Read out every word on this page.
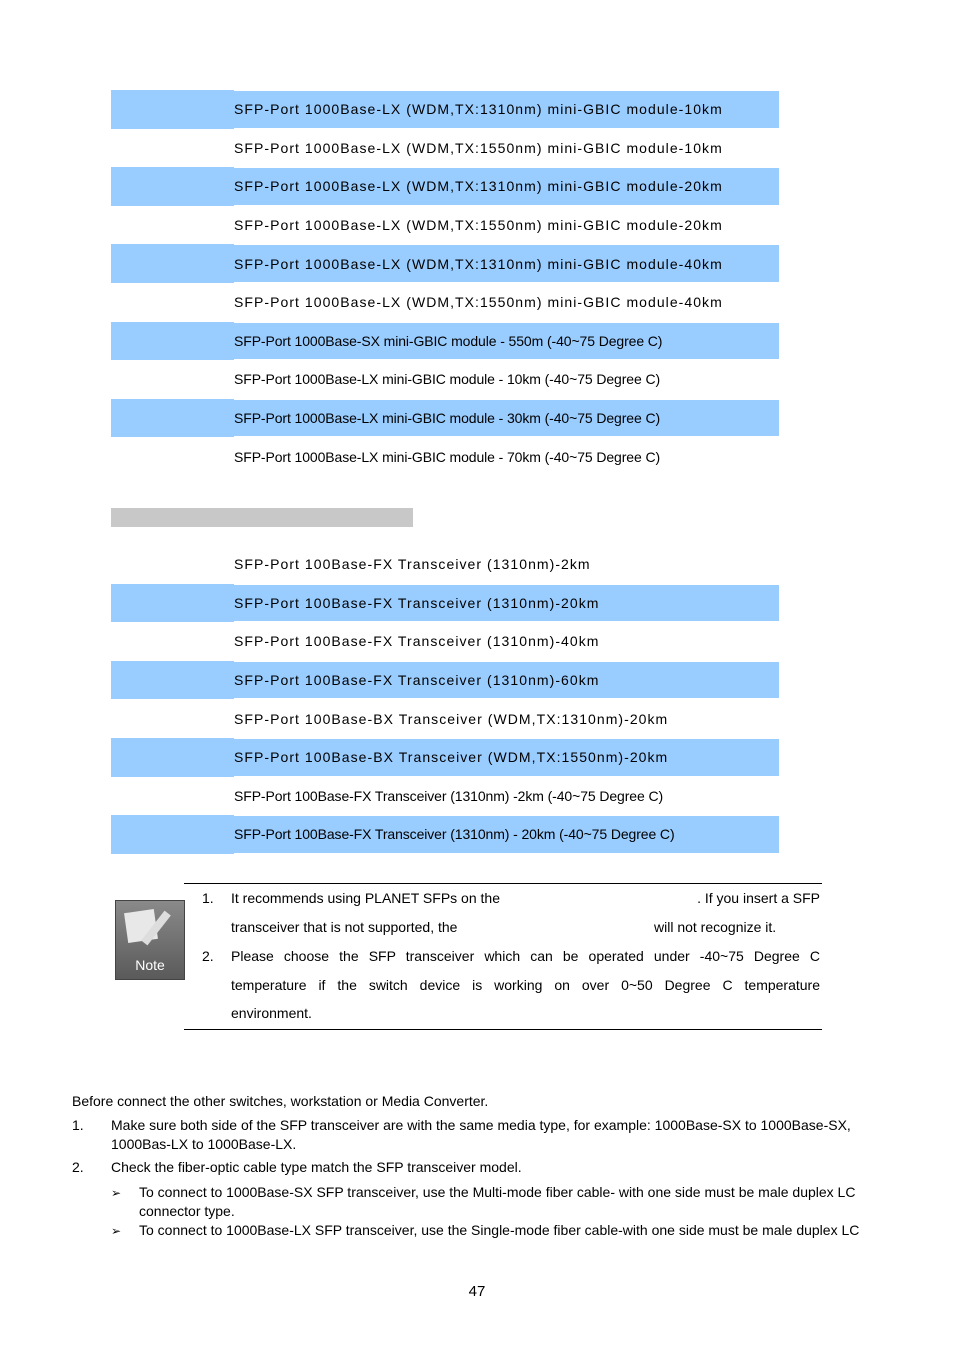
SFP-Port 1000Base-LX (WDM,TX:1310nm) mini-GBIC module-10km
SFP-Port 1000Base-LX (WDM,TX:1550nm) mini-GBIC module-10km
SFP-Port 1000Base-LX (WDM,TX:1310nm) mini-GBIC module-20km
SFP-Port 1000Base-LX (WDM,TX:1550nm) mini-GBIC module-20km
SFP-Port 1000Base-LX (WDM,TX:1310nm) mini-GBIC module-40km
SFP-Port 1000Base-LX (WDM,TX:1550nm) mini-GBIC module-40km
SFP-Port 1000Base-SX mini-GBIC module - 550m (-40~75 Degree C)
SFP-Port 1000Base-LX mini-GBIC module - 10km (-40~75 Degree C)
SFP-Port 1000Base-LX mini-GBIC module - 30km (-40~75 Degree C)
SFP-Port 1000Base-LX mini-GBIC module - 70km (-40~75 Degree C)
SFP-Port 100Base-FX Transceiver (1310nm)-2km
SFP-Port 100Base-FX Transceiver (1310nm)-20km
SFP-Port 100Base-FX Transceiver (1310nm)-40km
SFP-Port 100Base-FX Transceiver (1310nm)-60km
SFP-Port 100Base-BX Transceiver (WDM,TX:1310nm)-20km
SFP-Port 100Base-BX Transceiver (WDM,TX:1550nm)-20km
SFP-Port 100Base-FX Transceiver (1310nm) -2km (-40~75 Degree C)
SFP-Port 100Base-FX Transceiver (1310nm) - 20km (-40~75 Degree C)
Note
1. It recommends using PLANET SFPs on the	. If you insert a SFP
transceiver that is not supported, the	will not recognize it.
2. Please choose the SFP transceiver which can be operated under -40~75 Degree C
temperature if the switch device is working on over 0~50 Degree C temperature
environment.
Before connect the other switches, workstation or Media Converter.
1. Make sure both side of the SFP transceiver are with the same media type, for example: 1000Base-SX to 1000Base-SX,
1000Bas-LX to 1000Base-LX.
2. Check the fiber-optic cable type match the SFP transceiver model.
➢ To connect to 1000Base-SX SFP transceiver, use the Multi-mode fiber cable- with one side must be male duplex LC
connector type.
➢ To connect to 1000Base-LX SFP transceiver, use the Single-mode fiber cable-with one side must be male duplex LC
47
